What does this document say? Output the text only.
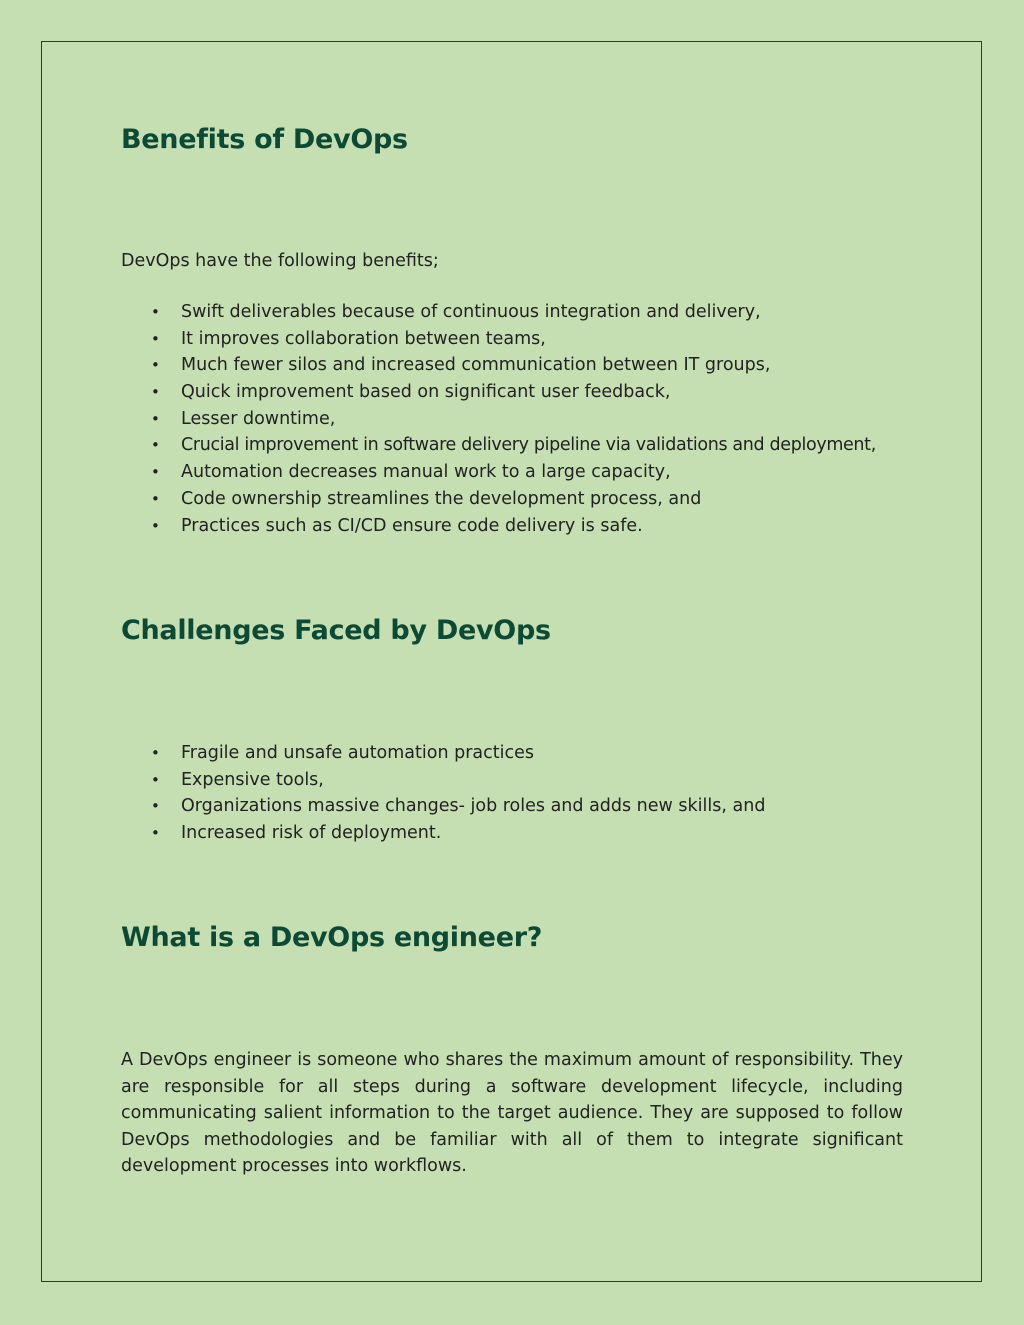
Benefits of DevOps

DevOps have the following benefits;

• Swift deliverables because of continuous integration and delivery,
• It improves collaboration between teams,
• Much fewer silos and increased communication between IT groups,
• Quick improvement based on significant user feedback,
• Lesser downtime,
• Crucial improvement in software delivery pipeline via validations and deployment,
• Automation decreases manual work to a large capacity,
• Code ownership streamlines the development process, and
• Practices such as CI/CD ensure code delivery is safe.
Challenges Faced by DevOps
• Fragile and unsafe automation practices
• Expensive tools,
• Organizations massive changes- job roles and adds new skills, and
• Increased risk of deployment.
What is a DevOps engineer?

A DevOps engineer is someone who shares the maximum amount of responsibility. They are responsible for all steps during a software development lifecycle, including communicating salient information to the target audience. They are supposed to follow DevOps methodologies and be familiar with all of them to integrate significant development processes into workflows.
